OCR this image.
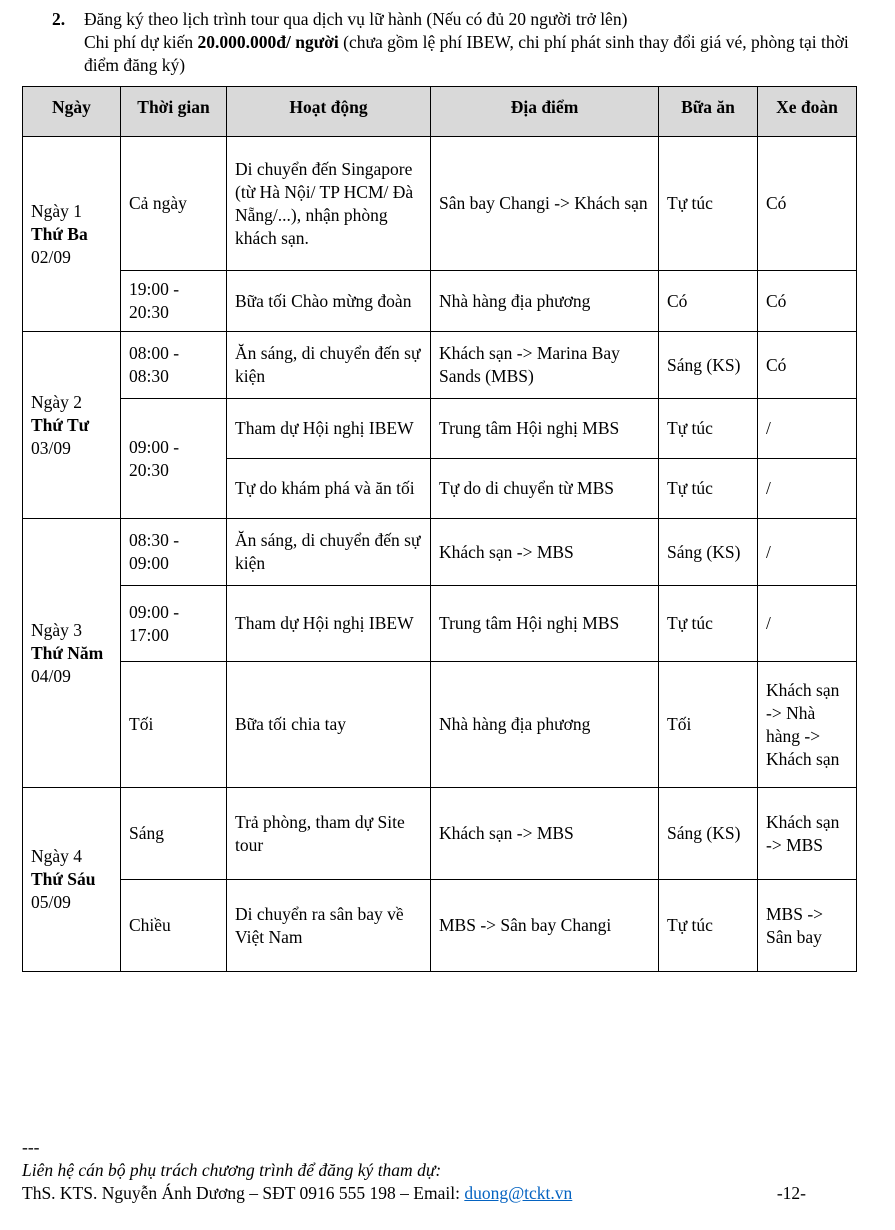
2. Đăng ký theo lịch trình tour qua dịch vụ lữ hành (Nếu có đủ 20 người trở lên)
Chi phí dự kiến 20.000.000đ/ người (chưa gồm lệ phí IBEW, chi phí phát sinh thay đổi giá vé, phòng tại thời điểm đăng ký)
Ngày	Thời gian	Hoạt động	Địa điểm	Bữa ăn	Xe đoàn
Ngày 1
Thứ Ba
02/09	Cả ngày	Di chuyển đến Singapore (từ Hà Nội/ TP HCM/ Đà Nẵng/...), nhận phòng khách sạn.	Sân bay Changi -> Khách sạn	Tự túc	Có
	19:00 - 20:30	Bữa tối Chào mừng đoàn	Nhà hàng địa phương	Có	Có
Ngày 2
Thứ Tư
03/09	08:00 - 08:30	Ăn sáng, di chuyển đến sự kiện	Khách sạn -> Marina Bay Sands (MBS)	Sáng (KS)	Có
	09:00 - 20:30	Tham dự Hội nghị IBEW	Trung tâm Hội nghị MBS	Tự túc	/
		Tự do khám phá và ăn tối	Tự do di chuyển từ MBS	Tự túc	/
Ngày 3
Thứ Năm
04/09	08:30 - 09:00	Ăn sáng, di chuyển đến sự kiện	Khách sạn -> MBS	Sáng (KS)	/
	09:00 - 17:00	Tham dự Hội nghị IBEW	Trung tâm Hội nghị MBS	Tự túc	/
	Tối	Bữa tối chia tay	Nhà hàng địa phương	Tối	Khách sạn -> Nhà hàng -> Khách sạn
Ngày 4
Thứ Sáu
05/09	Sáng	Trả phòng, tham dự Site tour	Khách sạn -> MBS	Sáng (KS)	Khách sạn -> MBS
	Chiều	Di chuyển ra sân bay về Việt Nam	MBS -> Sân bay Changi	Tự túc	MBS -> Sân bay
---
Liên hệ cán bộ phụ trách chương trình để đăng ký tham dự:
ThS. KTS. Nguyễn Ánh Dương – SĐT 0916 555 198 – Email: duong@tckt.vn	-12-
